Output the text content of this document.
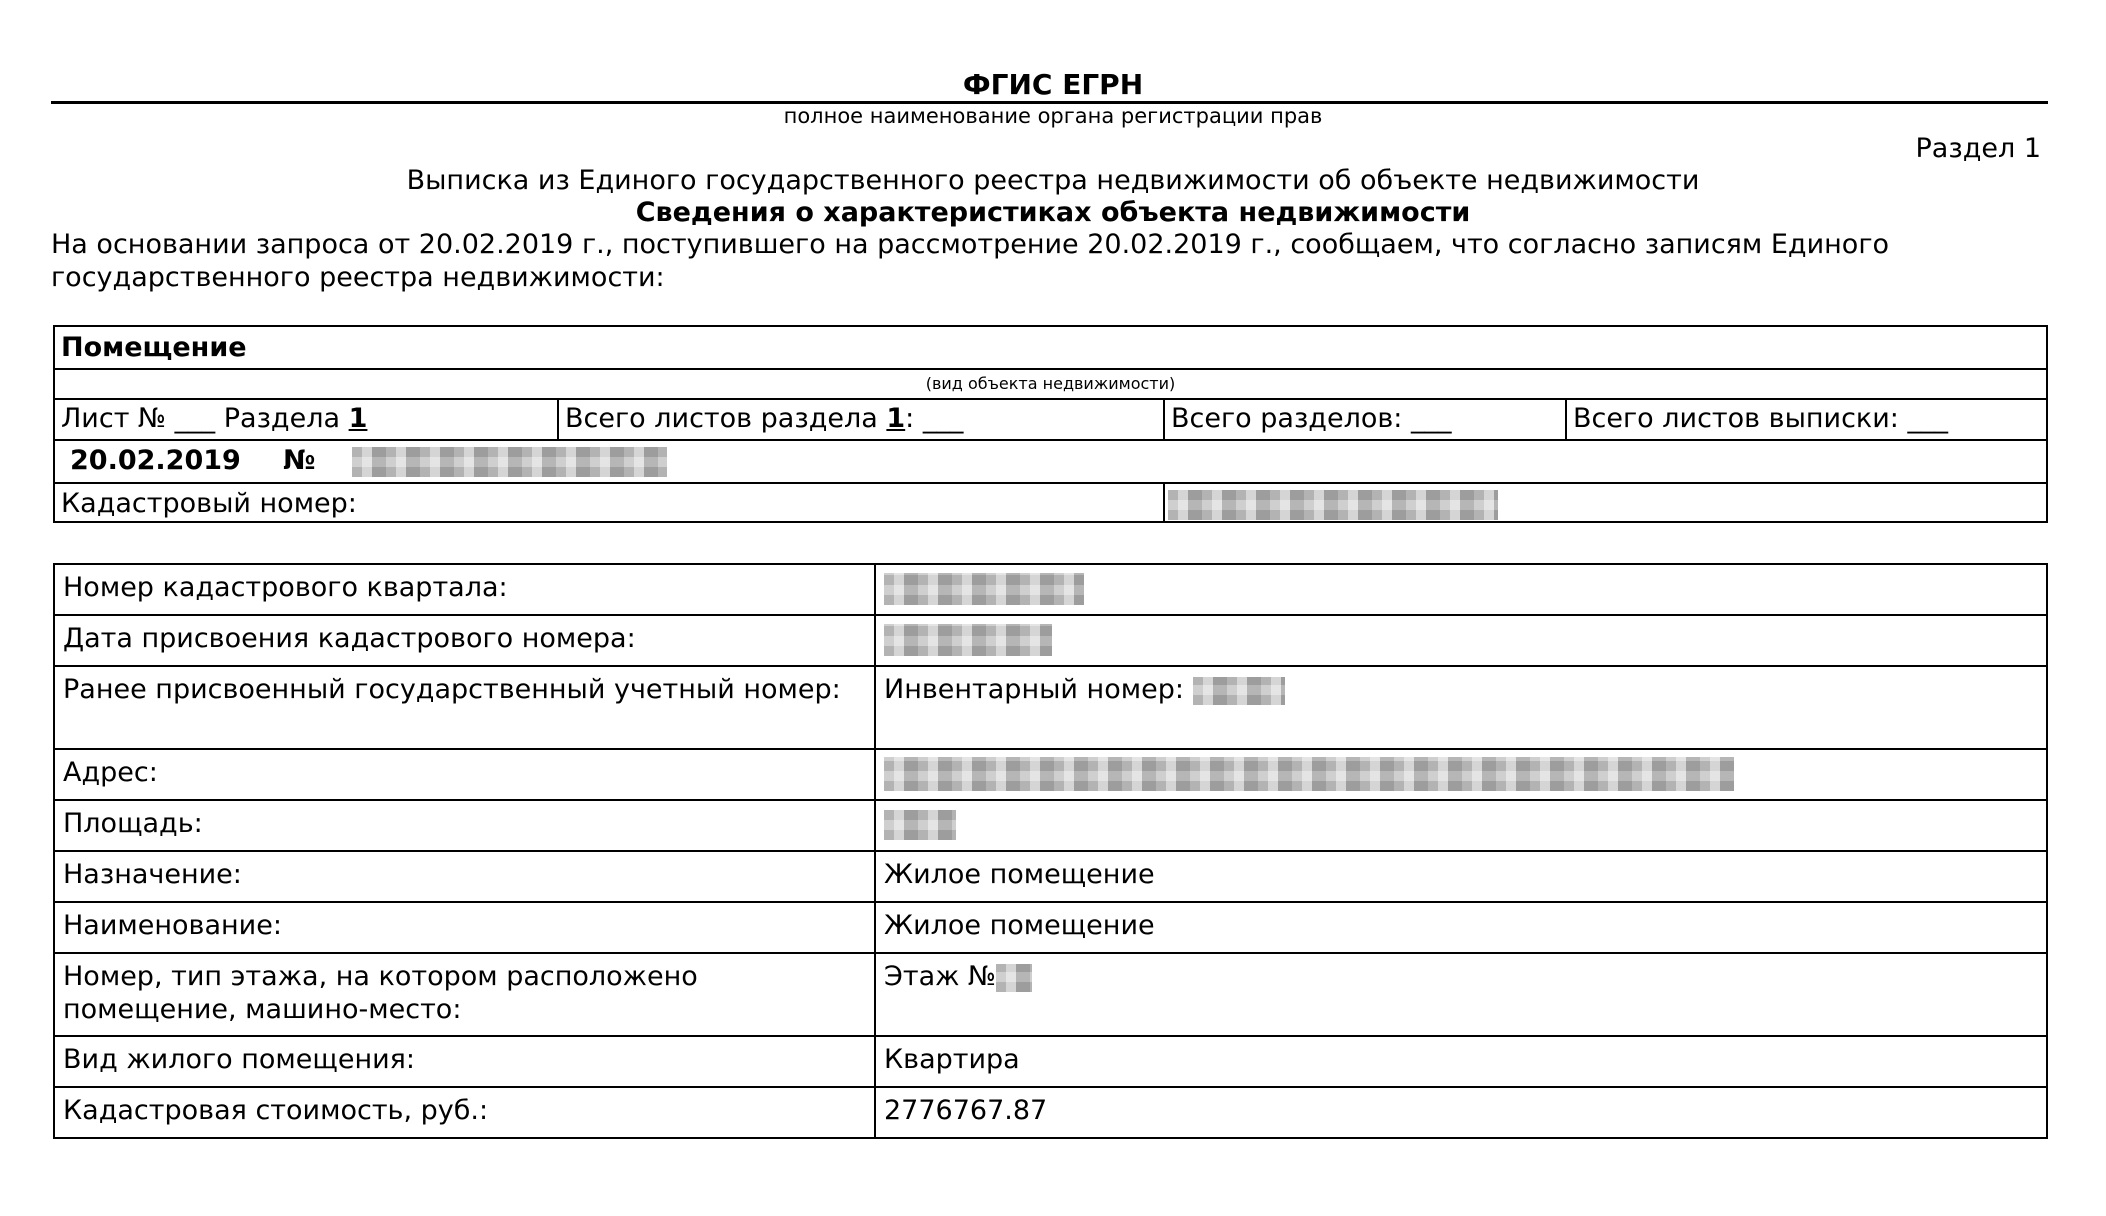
ФГИС ЕГРН
полное наименование органа регистрации прав
Раздел 1
Выписка из Единого государственного реестра недвижимости об объекте недвижимости
Сведения о характеристиках объекта недвижимости
На основании запроса от 20.02.2019 г., поступившего на рассмотрение 20.02.2019 г., сообщаем, что согласно записям Единого государственного реестра недвижимости:
Помещение
(вид объекта недвижимости)
Лист № ___ Раздела 1	Всего листов раздела 1: ___	Всего разделов: ___	Всего листов выписки: ___
20.02.2019 №
Кадастровый номер:
Номер кадастрового квартала:	
Дата присвоения кадастрового номера:	
Ранее присвоенный государственный учетный номер:	Инвентарный номер:
Адрес:	
Площадь:	
Назначение:	Жилое помещение
Наименование:	Жилое помещение
Номер, тип этажа, на котором расположено помещение, машино-место:	Этаж №
Вид жилого помещения:	Квартира
Кадастровая стоимость, руб.:	2776767.87
